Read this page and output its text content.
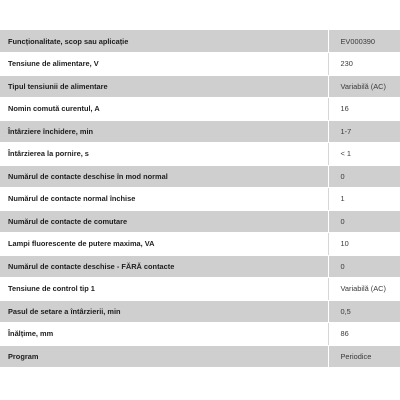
Funcționalitate, scop sau aplicație	EV000390
Tensiune de alimentare, V	230
Tipul tensiunii de alimentare	Variabilă (AC)
Nomin comută curentul, A	16
Întârziere închidere, min	1-7
Întârzierea la pornire, s	< 1
Numărul de contacte deschise în mod normal	0
Numărul de contacte normal închise	1
Numărul de contacte de comutare	0
Lampi fluorescente de putere maxima, VA	10
Numărul de contacte deschise - FĂRĂ contacte	0
Tensiune de control tip 1	Variabilă (AC)
Pasul de setare a întârzierii, min	0,5
Înălțime, mm	86
Program	Periodice
